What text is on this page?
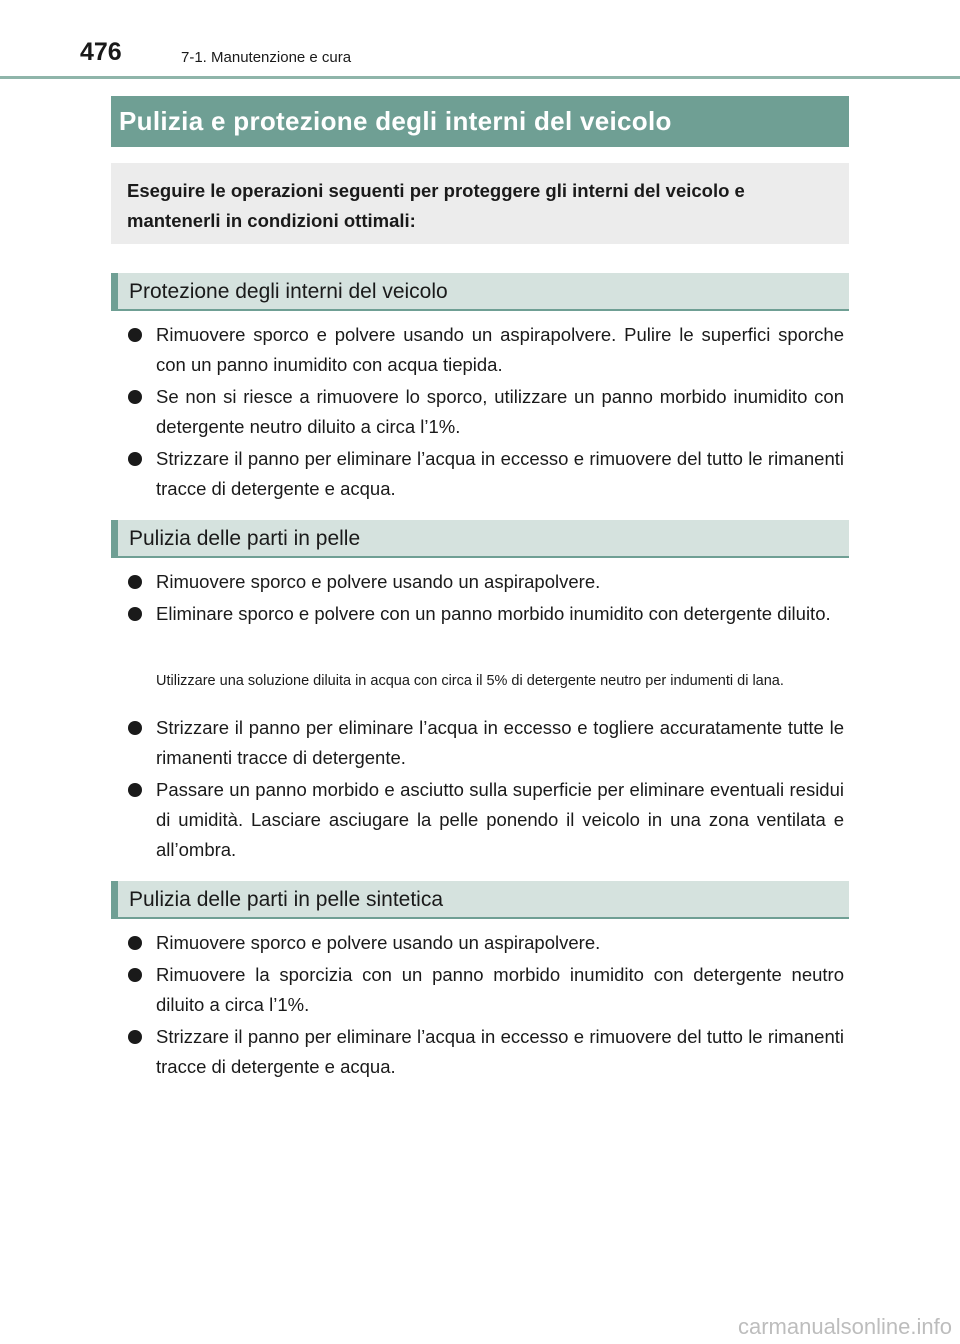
476	7-1. Manutenzione e cura
Pulizia e protezione degli interni del veicolo
Eseguire le operazioni seguenti per proteggere gli interni del veicolo e mantenerli in condizioni ottimali:
Protezione degli interni del veicolo
Rimuovere sporco e polvere usando un aspirapolvere. Pulire le superfici sporche con un panno inumidito con acqua tiepida.
Se non si riesce a rimuovere lo sporco, utilizzare un panno morbido inumidito con detergente neutro diluito a circa l’1%.
Strizzare il panno per eliminare l’acqua in eccesso e rimuovere del tutto le rimanenti tracce di detergente e acqua.
Pulizia delle parti in pelle
Rimuovere sporco e polvere usando un aspirapolvere.
Eliminare sporco e polvere con un panno morbido inumidito con detergente diluito.
Utilizzare una soluzione diluita in acqua con circa il 5% di detergente neutro per indumenti di lana.
Strizzare il panno per eliminare l’acqua in eccesso e togliere accuratamente tutte le rimanenti tracce di detergente.
Passare un panno morbido e asciutto sulla superficie per eliminare eventuali residui di umidità. Lasciare asciugare la pelle ponendo il veicolo in una zona ventilata e all’ombra.
Pulizia delle parti in pelle sintetica
Rimuovere sporco e polvere usando un aspirapolvere.
Rimuovere la sporcizia con un panno morbido inumidito con detergente neutro diluito a circa l’1%.
Strizzare il panno per eliminare l’acqua in eccesso e rimuovere del tutto le rimanenti tracce di detergente e acqua.
carmanualsonline.info
